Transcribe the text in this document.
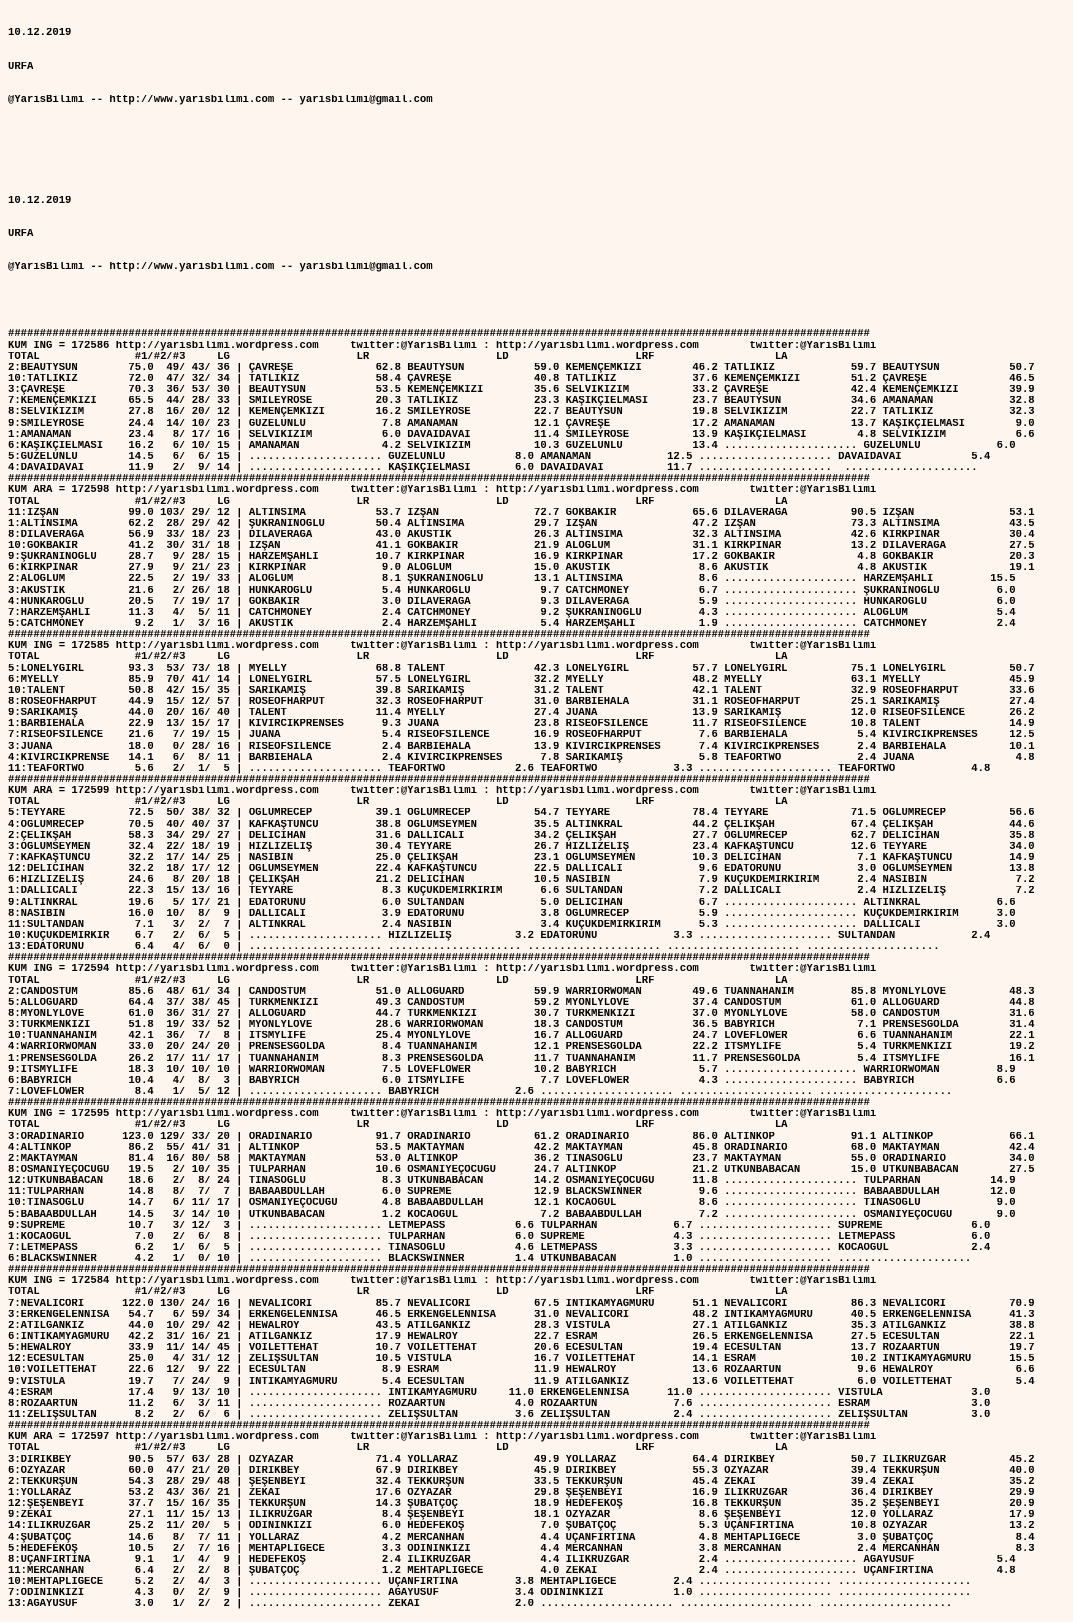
10.12.2019

URFA

@YarisBilimi -- http://www.yarisbilimi.com -- yarisbilimi@gmail.com

10.12.2019

URFA

@YarisBilimi -- http://www.yarisbilimi.com -- yarisbilimi@gmail.com

########################################################################################################################################
KUM ING = 172586 http://yarisbilimi.wordpress.com     twitter:@YarisBilimi : http://yarisbilimi.wordpress.com        twitter:@YarisBilimi
TOTAL               #1/#2/#3     LG                    LR                    LD                    LRF                   LA
2:BEAUTYSUN        75.0  49/ 43/ 36 | ÇAVREŞE             62.8 BEAUTYSUN           59.0 KEMENÇEMKIZI        46.2 TATLIKIZ            59.7 BEAUTYSUN           50.7
10:TATLIKIZ        72.0  47/ 32/ 34 | TATLIKIZ            58.4 ÇAVREŞE             40.8 TATLIKIZ            37.6 KEMENÇEMKIZI        51.2 ÇAVREŞE             46.5
3:ÇAVREŞE          70.3  36/ 53/ 30 | BEAUTYSUN           53.5 KEMENÇEMKIZI        35.6 SELVIKIZIM          33.2 ÇAVREŞE             42.4 KEMENÇEMKIZI        39.9
7:KEMENÇEMKIZI     65.5  44/ 28/ 33 | SMILEYROSE          20.3 TATLIKIZ            23.3 KAŞIKÇIELMASI       23.7 BEAUTYSUN           34.6 AMANAMAN            32.8
8:SELVIKIZIM       27.8  16/ 20/ 12 | KEMENÇEMKIZI        16.2 SMILEYROSE          22.7 BEAUTYSUN           19.8 SELVIKIZIM          22.7 TATLIKIZ            32.3
9:SMILEYROSE       24.4  14/ 10/ 23 | GÜZELÜNLÜ            7.8 AMANAMAN            12.1 ÇAVREŞE             17.2 AMANAMAN            13.7 KAŞIKÇIELMASI        9.0
1:AMANAMAN         23.4   8/ 17/ 16 | SELVIKIZIM           6.0 DAVAIDAVAI          11.4 SMILEYROSE          13.9 KAŞIKÇIELMASI        4.8 SELVIKIZIM           6.6
6:KAŞIKÇIELMASI    16.2   6/ 10/ 15 | AMANAMAN             4.2 SELVIKIZIM          10.3 GÜZELÜNLÜ           13.4 ..................... GÜZELÜNLÜ            6.0
5:GÜZELÜNLÜ        14.5   6/  6/ 15 | ..................... GÜZELÜNLÜ           8.0 AMANAMAN            12.5 ..................... DAVAIDAVAI           5.4
4:DAVAIDAVAI       11.9   2/  9/ 14 | ..................... KAŞIKÇIELMASI       6.0 DAVAIDAVAI          11.7 .....................  .....................
########################################################################################################################################
KUM ARA = 172598 http://yarisbilimi.wordpress.com     twitter:@YarisBilimi : http://yarisbilimi.wordpress.com        twitter:@YarisBilimi
TOTAL               #1/#2/#3     LG                    LR                    LD                    LRF                   LA
11:İZŞAN           99.0 103/ 29/ 12 | ALTINSİMA           53.7 İZŞAN               72.7 GÖKBAKIR            65.6 DİLAVERAĞA          90.5 İZŞAN               53.1
1:ALTINSİMA        62.2  28/ 29/ 42 | ŞÜKRANINOĞLU        50.4 ALTINSİMA           29.7 İZŞAN               47.2 İZŞAN               73.3 ALTINSİMA           43.5
8:DİLAVERAĞA       56.9  33/ 18/ 23 | DİLAVERAĞA          43.0 AKUSTİK             26.3 ALTINSİMA           32.3 ALTINSİMA           42.6 KIRKPINAR           30.4
10:GÖKBAKIR        41.2  30/ 31/ 18 | İZŞAN               41.1 GÖKBAKIR            21.9 ALOGLUM             31.1 KIRKPINAR           13.2 DİLAVERAĞA          27.5
9:ŞÜKRANINOĞLU     28.7   9/ 28/ 15 | HARZEMŞAHLI         10.7 KIRKPINAR           16.9 KIRKPINAR           17.2 GÖKBAKIR             4.8 GÖKBAKIR            20.3
6:KIRKPINAR        27.9   9/ 21/ 23 | KIRKPINAR            9.0 ALOGLUM             15.0 AKUSTİK              8.6 AKUSTİK              4.8 AKUSTİK             19.1
2:ALOGLUM          22.5   2/ 19/ 33 | ALOGLUM              8.1 ŞÜKRANINOĞLU        13.1 ALTINSİMA            8.6 ..................... HARZEMŞAHLI         15.5
3:AKUSTİK          21.6   2/ 26/ 18 | HÜNKAROĞLU           5.4 HÜNKAROĞLU           9.7 CATCHMONEY           6.7 ..................... ŞÜKRANINOĞLU         6.0
4:HÜNKAROĞLU       20.5   7/ 19/ 17 | GÖKBAKIR             3.0 DİLAVERAĞA           9.3 DİLAVERAĞA           5.9 ..................... HÜNKAROĞLU           6.0
7:HARZEMŞAHLI      11.3   4/  5/ 11 | CATCHMONEY           2.4 CATCHMONEY           9.2 ŞÜKRANINOĞLU         4.3 ..................... ALOGLUM              5.4
5:CATCHMONEY        9.2   1/  3/ 16 | AKUSTİK              2.4 HARZEMŞAHLI          5.4 HARZEMŞAHLI          1.9 ..................... CATCHMONEY           2.4
########################################################################################################################################
KUM ING = 172585 http://yarisbilimi.wordpress.com     twitter:@YarisBilimi : http://yarisbilimi.wordpress.com        twitter:@YarisBilimi
TOTAL               #1/#2/#3     LG                    LR                    LD                    LRF                   LA
5:LONELYGIRL       93.3  53/ 73/ 18 | MYELLY              68.8 TALENT              42.3 LONELYGIRL          57.7 LONELYGIRL          75.1 LONELYGIRL          50.7
6:MYELLY           85.9  70/ 41/ 14 | LONELYGIRL          57.5 LONELYGIRL          32.2 MYELLY              48.2 MYELLY              63.1 MYELLY              45.9
10:TALENT          50.8  42/ 15/ 35 | SARIKAMIŞ           39.8 SARIKAMIŞ           31.2 TALENT              42.1 TALENT              32.9 ROSEOFHARPUT        33.6
8:ROSEOFHARPUT     44.9  15/ 12/ 57 | ROSEOFHARPUT        32.3 ROSEOFHARPUT        31.0 BARBIEHALA          31.1 ROSEOFHARPUT        25.1 SARIKAMIŞ           27.4
9:SARIKAMIŞ        44.0  20/ 16/ 40 | TALENT              11.4 MYELLY              27.4 JUANA               13.9 SARIKAMIŞ           12.0 RISEOFSILENCE       26.2
1:BARBIEHALA       22.9  13/ 15/ 17 | KIVIRCIKPRENSES      9.3 JUANA               23.8 RISEOFSILENCE       11.7 RISEOFSILENCE       10.8 TALENT              14.9
7:RISEOFSILENCE    21.6   7/ 19/ 15 | JUANA                5.4 RISEOFSILENCE       16.9 ROSEOFHARPUT         7.6 BARBIEHALA           5.4 KIVIRCIKPRENSES     12.5
3:JUANA            18.0   0/ 28/ 16 | RISEOFSILENCE        2.4 BARBIEHALA          13.9 KIVIRCIKPRENSES      7.4 KIVIRCIKPRENSES      2.4 BARBIEHALA          10.1
4:KIVIRCIKPRENSE   14.1   6/  8/ 11 | BARBIEHALA           2.4 KIVIRCIKPRENSES      7.8 SARIKAMIŞ            5.8 TEAFORTWO            2.4 JUANA                4.8
11:TEAFORTWO        5.6   2/  1/  5 | ..................... TEAFORTWO           2.6 TEAFORTWO            3.3 ..................... TEAFORTWO            4.8
########################################################################################################################################
KUM ARA = 172599 http://yarisbilimi.wordpress.com     twitter:@YarisBilimi : http://yarisbilimi.wordpress.com        twitter:@YarisBilimi
TOTAL               #1/#2/#3     LG                    LR                    LD                    LRF                   LA
5:TEYYARE          72.5  50/ 38/ 32 | OĞLUMRECEP          39.1 OĞLUMRECEP          54.7 TEYYARE             78.4 TEYYARE             71.5 OĞLUMRECEP          56.6
4:OĞLUMRECEP       70.5  40/ 40/ 37 | KAFKAŞTUNCU         38.8 OĞLUMSEYMEN         35.5 ALTINKRAL           44.2 ÇELİKŞAH            67.4 ÇELİKŞAH            44.6
2:ÇELİKŞAH         58.3  34/ 29/ 27 | DELİCİHAN           31.6 DALLICALI           34.2 ÇELİKŞAH            27.7 OĞLUMRECEP          62.7 DELİCİHAN           35.8
3:OĞLUMSEYMEN      32.4  22/ 18/ 19 | HIZLIZELİŞ          30.4 TEYYARE             26.7 HIZLIZELİŞ          23.4 KAFKAŞTUNCU         12.6 TEYYARE             34.0
7:KAFKAŞTUNCU      32.2  17/ 14/ 25 | NASIBIN             25.0 ÇELİKŞAH            23.1 OĞLUMSEYMEN         10.3 DELİCİHAN            7.1 KAFKAŞTUNCU         14.9
12:DELİCİHAN       32.2  18/ 17/ 12 | OĞLUMSEYMEN         22.4 KAFKAŞTUNCU         22.5 DALLICALI            9.6 EDATORUNU            3.0 OĞLUMSEYMEN         13.8
6:HIZLIZELİŞ       24.6   8/ 20/ 18 | ÇELİKŞAH            21.2 DELİCİHAN           10.5 NASIBIN              7.9 KÜÇÜKDEMİRKIRIM      2.4 NASIBIN              7.2
1:DALLICALI        22.3  15/ 13/ 16 | TEYYARE              8.3 KÜÇÜKDEMİRKIRIM      6.6 SULTANDAN            7.2 DALLICALI            2.4 HIZLIZELİŞ           7.2
9:ALTINKRAL        19.6   5/ 17/ 21 | EDATORUNU            6.0 SULTANDAN            5.0 DELİCİHAN            6.7 ..................... ALTINKRAL            6.6
8:NASIBIN          16.0  10/  8/  9 | DALLICALI            3.9 EDATORUNU            3.8 OĞLUMRECEP           5.9 ..................... KÜÇÜKDEMİRKIRIM      3.0
11:SULTANDAN        7.1   3/  2/  7 | ALTINKRAL            2.4 NASIBIN              3.4 KÜÇÜKDEMİRKIRIM      5.3 ..................... DALLICALI            3.0
10:KÜÇÜKDEMİRKIR    6.7   2/  6/  5 | ..................... HIZLIZELİŞ          3.2 EDATORUNU            3.3 ..................... SULTANDAN            2.4
13:EDATORUNU        6.4   4/  6/  0 | ..................... ..................... ..................... ..................... .....................
########################################################################################################################################
KUM ING = 172594 http://yarisbilimi.wordpress.com     twitter:@YarisBilimi : http://yarisbilimi.wordpress.com        twitter:@YarisBilimi
TOTAL               #1/#2/#3     LG                    LR                    LD                    LRF                   LA
2:CANDOSTUM        85.6  48/ 61/ 34 | CANDOSTUM           51.0 ALLOGUARD           59.9 WARRIORWOMAN        49.6 TUANNAHANIM         85.8 MYONLYLOVE          48.3
5:ALLOGUARD        64.4  37/ 38/ 45 | TÜRKMENKIZI         49.3 CANDOSTUM           59.2 MYONLYLOVE          37.4 CANDOSTUM           61.0 ALLOGUARD           44.8
8:MYONLYLOVE       61.0  36/ 31/ 27 | ALLOGUARD           44.7 TÜRKMENKIZI         30.7 TÜRKMENKIZI         37.0 MYONLYLOVE          58.0 CANDOSTUM           31.6
3:TÜRKMENKIZI      51.8  19/ 33/ 52 | MYONLYLOVE          28.6 WARRIORWOMAN        18.3 CANDOSTUM           36.5 BABYRICH             7.1 PRENSESGOLDA        31.4
10:TUANNAHANIM     42.1  36/  7/  8 | ITSMYLIFE           25.4 MYONLYLOVE          16.7 ALLOGUARD           24.7 LOVEFLOWER           6.6 TUANNAHANIM         22.1
4:WARRIORWOMAN     33.0  20/ 24/ 20 | PRENSESGOLDA         8.4 TUANNAHANIM         12.1 PRENSESGOLDA        22.2 ITSMYLIFE            5.4 TÜRKMENKIZI         19.2
1:PRENSESGOLDA     26.2  17/ 11/ 17 | TUANNAHANIM          8.3 PRENSESGOLDA        11.7 TUANNAHANIM         11.7 PRENSESGOLDA         5.4 ITSMYLIFE           16.1
9:ITSMYLIFE        18.3  10/ 10/ 10 | WARRIORWOMAN         7.5 LOVEFLOWER          10.2 BABYRICH             5.7 ..................... WARRIORWOMAN         8.9
6:BABYRICH         10.4   4/  8/  3 | BABYRICH             6.0 ITSMYLIFE            7.7 LOVEFLOWER           4.3 ..................... BABYRICH             6.6
7:LOVEFLOWER        8.4   1/  5/ 12 | ..................... BABYRICH            2.6 ..................... ..................... .....................
########################################################################################################################################
KUM ING = 172595 http://yarisbilimi.wordpress.com     twitter:@YarisBilimi : http://yarisbilimi.wordpress.com        twitter:@YarisBilimi
TOTAL               #1/#2/#3     LG                    LR                    LD                    LRF                   LA
3:ORADINARIO      123.0 129/ 33/ 20 | ORADINARIO          91.7 ORADINARIO          61.2 ORADINARIO          86.0 ALTINKOP            91.1 ALTINKOP            66.1
4:ALTINKOP         86.2  55/ 41/ 31 | ALTINKOP            53.5 MAKTAYMAN           42.2 MAKTAYMAN           45.8 ORADINARIO          68.0 MAKTAYMAN           42.4
2:MAKTAYMAN        81.4  16/ 80/ 58 | MAKTAYMAN           53.0 ALTINKOP            36.2 TINASOĞLU           23.7 MAKTAYMAN           55.0 ORADINARIO          34.0
8:OSMANİYEÇOCUĞU   19.5   2/ 10/ 35 | TULPARHAN           10.6 OSMANİYEÇOCUĞU      24.7 ALTINKOP            21.2 UTKUNBABACAN        15.0 UTKUNBABACAN        27.5
12:UTKUNBABACAN    18.6   2/  8/ 24 | TINASOĞLU            8.3 UTKUNBABACAN        14.2 OSMANİYEÇOCUĞU      11.8 ..................... TULPARHAN           14.9
11:TULPARHAN       14.8   8/  7/  7 | BABAABDULLAH         6.0 SUPREME             12.9 BLACKSWINNER         9.6 ..................... BABAABDULLAH        12.0
10:TINASOĞLU       14.7   6/ 11/ 17 | OSMANİYEÇOCUĞU       4.8 BABAABDULLAH        12.1 KOCAOGUL             8.6 ..................... TINASOĞLU            9.0
5:BABAABDULLAH     14.5   3/ 14/ 10 | UTKUNBABACAN         1.2 KOCAOGUL             7.2 BABAABDULLAH         7.2 ..................... OSMANİYEÇOCUĞU       9.0
9:SUPREME          10.7   3/ 12/  3 | ..................... LETMEPASS           6.6 TULPARHAN            6.7 ..................... SUPREME              6.0
1:KOCAOGUL          7.0   2/  6/  8 | ..................... TULPARHAN           6.0 SUPREME              4.3 ..................... LETMEPASS            6.0
7:LETMEPASS         6.2   1/  6/  5 | ..................... TINASOĞLU           4.6 LETMEPASS            3.3 ..................... KOCAOGUL             2.4
6:BLACKSWINNER      4.2   1/  0/ 10 | ..................... BLACKSWINNER        1.4 UTKUNBABACAN         1.0 ..................... .....................
########################################################################################################################################
KUM ING = 172584 http://yarisbilimi.wordpress.com     twitter:@YarisBilimi : http://yarisbilimi.wordpress.com        twitter:@YarisBilimi
TOTAL               #1/#2/#3     LG                    LR                    LD                    LRF                   LA
7:NEVALİCORİ      122.0 130/ 24/ 16 | NEVALİCORİ          85.7 NEVALİCORİ          67.5 İNTİKAMYAĞMURU      51.1 NEVALİCORİ          86.3 NEVALİCORİ          70.9
3:ERKENGELENNİSA   54.7   6/ 59/ 34 | ERKENGELENNİSA      46.5 ERKENGELENNİSA      31.0 NEVALİCORİ          48.2 İNTİKAMYAĞMURU      40.5 ERKENGELENNİSA      41.3
2:ATILGANKIZ       44.0  10/ 29/ 42 | HEWALROY            43.5 ATILGANKIZ          28.3 VİSTULA             27.1 ATILGANKIZ          35.3 ATILGANKIZ          38.8
6:İNTİKAMYAĞMURU   42.2  31/ 16/ 21 | ATILGANKIZ          17.9 HEWALROY            22.7 ESRAM               26.5 ERKENGELENNİSA      27.5 ECESULTAN           22.1
5:HEWALROY         33.9  11/ 14/ 45 | VOİLETTEHAT         10.7 VOİLETTEHAT         20.6 ECESULTAN           19.4 ECESULTAN           13.7 ROZAARTUN           19.7
12:ECESULTAN       25.0   4/ 31/ 12 | ZELİŞSULTAN         10.5 VİSTULA             16.7 VOİLETTEHAT         14.1 ESRAM               10.2 İNTİKAMYAĞMURU      15.5
10:VOİLETTEHAT     22.6  12/  9/ 22 | ECESULTAN            8.9 ESRAM               11.9 HEWALROY            13.6 ROZAARTUN            9.6 HEWALROY             6.6
9:VİSTULA          19.7   7/ 24/  9 | İNTİKAMYAĞMURU       5.4 ECESULTAN           11.9 ATILGANKIZ          13.6 VOİLETTEHAT          6.0 VOİLETTEHAT          5.4
4:ESRAM            17.4   9/ 13/ 10 | ..................... İNTİKAMYAĞMURU     11.0 ERKENGELENNİSA      11.0 ..................... VİSTULA              3.0
8:ROZAARTUN        11.2   6/  3/ 11 | ..................... ROZAARTUN           4.0 ROZAARTUN            7.6 ..................... ESRAM                3.0
11:ZELİŞSULTAN      8.2   2/  6/  6 | ..................... ZELİŞSULTAN         3.6 ZELİŞSULTAN          2.4 ..................... ZELİŞSULTAN          3.0
########################################################################################################################################
KUM ARA = 172597 http://yarisbilimi.wordpress.com     twitter:@YarisBilimi : http://yarisbilimi.wordpress.com        twitter:@YarisBilimi
TOTAL               #1/#2/#3     LG                    LR                    LD                    LRF                   LA
3:DİRİKBEY         90.5  57/ 63/ 28 | ÖZYAZAR             71.4 YOLLARAZ            49.9 YOLLARAZ            64.4 DİRİKBEY            50.7 ILIKRÜZGAR          45.2
6:ÖZYAZAR          60.0  47/ 21/ 20 | DİRİKBEY            67.9 DİRİKBEY            45.9 DİRİKBEY            55.3 ÖZYAZAR             39.4 TEKKURŞUN           40.0
2:TEKKURŞUN        54.3  28/ 29/ 48 | ŞEŞENBEYİ           32.4 TEKKURŞUN           33.5 TEKKURŞUN           45.4 ZEKAİ               39.4 ZEKAİ               35.2
1:YOLLARAZ         53.2  43/ 36/ 21 | ZEKAİ               17.6 ÖZYAZAR             29.8 ŞEŞENBEYİ           16.9 ILIKRÜZGAR          36.4 DİRİKBEY            29.9
12:ŞEŞENBEYİ       37.7  15/ 16/ 35 | TEKKURŞUN           14.3 ŞUBATÇOÇ            18.9 HEDEFEKOŞ           16.8 TEKKURŞUN           35.2 ŞEŞENBEYİ           20.9
9:ZEKAİ            27.1  11/ 15/ 13 | ILIKRÜZGAR           8.4 ŞEŞENBEYİ           18.1 ÖZYAZAR              8.6 ŞEŞENBEYİ           12.0 YOLLARAZ            17.9
14:ILIKRÜZGAR      25.2  11/ 20/  5 | ODININKIZI           6.0 HEDEFEKOŞ            7.0 ŞUBATÇOÇ             5.3 UÇANFIRTINA         10.8 ÖZYAZAR             13.2
4:ŞUBATÇOÇ         14.6   8/  7/ 11 | YOLLARAZ             4.2 MERCANHAN            4.4 UÇANFIRTINA          4.8 MEHTAPLIGECE         3.0 ŞUBATÇOÇ             8.4
5:HEDEFEKOŞ        10.5   2/  7/ 16 | MEHTAPLIGECE         3.3 ODININKIZI           4.4 MERCANHAN            3.8 MERCANHAN            2.4 MERCANHAN            8.3
8:UÇANFIRTINA       9.1   1/  4/  9 | HEDEFEKOŞ            2.4 ILIKRÜZGAR           4.4 ILIKRÜZGAR           2.4 ..................... AGAYUSUF             5.4
11:MERCANHAN        6.4   2/  2/  8 | ŞUBATÇOÇ             1.2 MEHTAPLIGECE         4.0 ZEKAİ                2.4 ..................... UÇANFIRTINA          4.8
10:MEHTAPLIGECE     5.2   2/  4/  3 | ..................... UÇANFIRTINA         3.8 MEHTAPLIGECE         2.4 ..................... .....................
7:ODININKIZI        4.3   0/  2/  9 | ..................... AGAYUSUF            3.4 ODININKIZI           1.0 ..................... .....................
13:AGAYUSUF         3.0   1/  2/  2 | ..................... ZEKAİ               2.0 ..................... ..................... .....................
